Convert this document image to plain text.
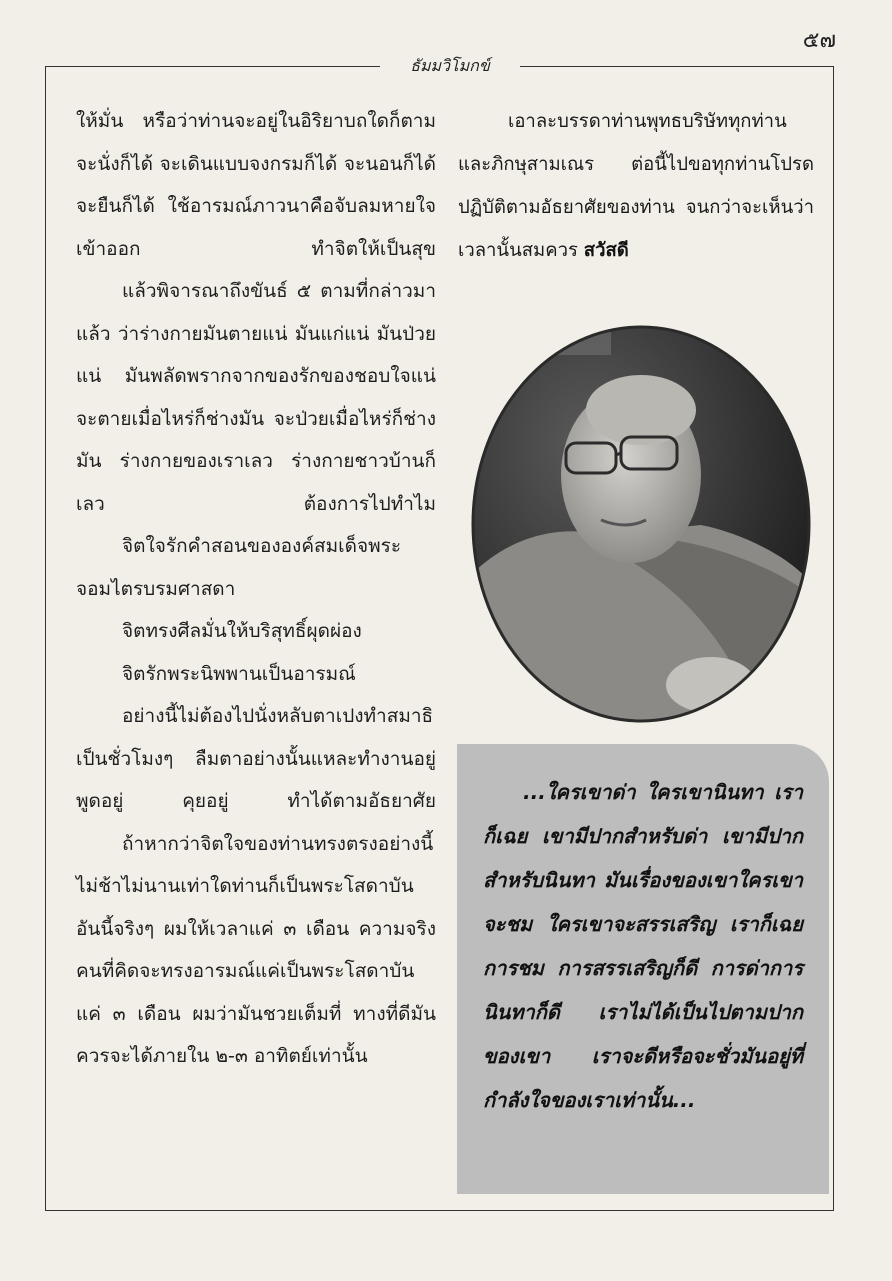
๕๗
ธัมมวิโมกข์

ให้มั่น หรือว่าท่านจะอยู่ในอิริยาบถใดก็ตาม จะนั่งก็ได้ จะเดินแบบจงกรมก็ได้ จะนอนก็ได้ จะยืนก็ได้ ใช้อารมณ์ภาวนาคือจับลมหายใจเข้าออก ทำจิตให้เป็นสุข

แล้วพิจารณาถึงขันธ์ ๕ ตามที่กล่าวมาแล้ว ว่าร่างกายมันตายแน่ มันแก่แน่ มันป่วยแน่ มันพลัดพรากจากของรักของชอบใจแน่ จะตายเมื่อไหร่ก็ช่างมัน จะป่วยเมื่อไหร่ก็ช่างมัน ร่างกายของเราเลว ร่างกายชาวบ้านก็เลว ต้องการไปทำไม

จิตใจรักคำสอนขององค์สมเด็จพระจอมไตรบรมศาสดา

จิตทรงศีลมั่นให้บริสุทธิ์ผุดผ่อง

จิตรักพระนิพพานเป็นอารมณ์

อย่างนี้ไม่ต้องไปนั่งหลับตาเปงทำสมาธิเป็นชั่วโมงๆ ลืมตาอย่างนั้นแหละทำงานอยู่ พูดอยู่ คุยอยู่ ทำได้ตามอัธยาศัย

ถ้าหากว่าจิตใจของท่านทรงตรงอย่างนี้ ไม่ช้าไม่นานเท่าใดท่านก็เป็นพระโสดาบัน อันนี้จริงๆ ผมให้เวลาแค่ ๓ เดือน ความจริงคนที่คิดจะทรงอารมณ์แค่เป็นพระโสดาบันแค่ ๓ เดือน ผมว่ามันชวยเต็มที่ ทางที่ดีมันควรจะได้ภายใน ๒-๓ อาทิตย์เท่านั้น

เอาละบรรดาท่านพุทธบริษัททุกท่านและภิกษุสามเณร ต่อนี้ไปขอทุกท่านโปรดปฏิบัติตามอัธยาศัยของท่าน จนกว่าจะเห็นว่าเวลานั้นสมควร สวัสดี

...ใครเขาด่า ใครเขานินทา เราก็เฉย เขามีปากสำหรับด่า เขามีปากสำหรับนินทา มันเรื่องของเขาใครเขาจะชม ใครเขาจะสรรเสริญ เราก็เฉย การชม การสรรเสริญก็ดี การด่าการนินทาก็ดี เราไม่ได้เป็นไปตามปากของเขา เราจะดีหรือจะชั่วมันอยู่ที่กำลังใจของเราเท่านั้น...
